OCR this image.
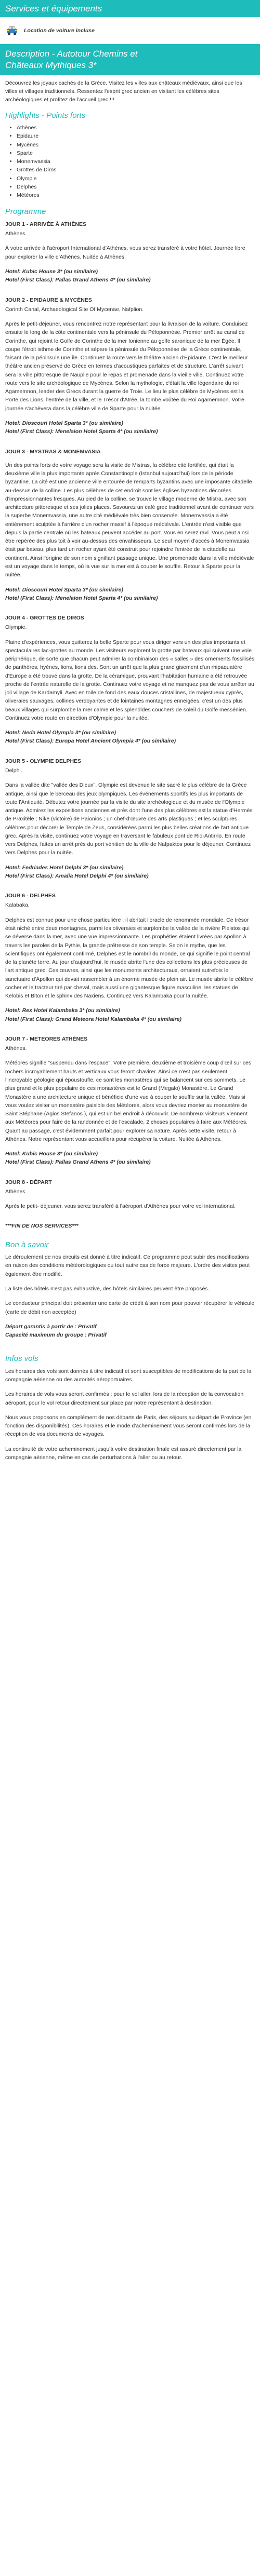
Services et équipements
Location de voiture incluse
Description - Autotour Chemins et
Châteaux Mythiques 3*

Découvrez les joyaux cachés de la Grèce. Visitez les villes aux châteaux médiévaux, ainsi que les villes et villages traditionnels. Ressentez l'esprit grec ancien en visitant les célèbres sites archéologiques et profitez de l'accueil grec !!!

Highlights - Points forts
• Athènes
• Epidaure
• Mycènes
• Sparte
• Monemvassia
• Grottes de Diros
• Olympie
• Delphes
• Météores
Programme
JOUR 1 - ARRIVÉE À ATHÈNES
Athènes.

À votre arrivée à l'aéroport International d'Athènes, vous serez transféré à votre hôtel. Journée libre pour explorer la ville d'Athènes. Nuitée à Athènes.

Hotel: Kubic House 3* (ou similaire)

Hotel (First Class): Pallas Grand Athens 4* (ou similaire)

JOUR 2 - EPIDAURE & MYCÈNES
Corinth Canal, Archaeological Site Of Mycenae, Nafplion.

Après le petit-déjeuner, vous rencontrez notre représentant pour la livraison de la voiture. Conduisez ensuite le long de la côte continentale vers la péninsule du Péloponnèse. Premier arrêt au canal de Corinthe, qui rejoint le Golfe de Corinthe de la mer Ionienne au golfe saronique de la mer Égée. Il coupe l'étroit isthme de Corinthe et sépare la péninsule du Péloponnèse de la Grèce continentale, faisant de la péninsule une île. Continuez la route vers le théâtre ancien d'Epidaure. C'est le meilleur théâtre ancien préservé de Grèce en termes d'acoustiques parfaites et de structure. L'arrêt suivant sera la ville pittoresque de Nauplie pour le repas et promenade dans la vieille ville. Continuez votre route vers le site archéologique de Mycènes. Selon la mythologie, c'était la ville légendaire du roi Agamemnon, leader des Grecs durant la guerre de Troie. Le lieu le plus célèbre de Mycènes est la Porte des Lions, l'entrée de la ville, et le Trésor d'Atrée, la tombe voûtée du Roi Agamemnon. Votre journée s'achèvera dans la célèbre ville de Sparte pour la nuitée.

Hotel: Dioscouri Hotel Sparta 3* (ou similaire)

Hotel (First Class): Menelaion Hotel Sparta 4* (ou similaire)

JOUR 3 - MYSTRAS & MONEMVASIA

Un des points forts de votre voyage sera la visite de Mistras, la célèbre cité fortifiée, qui était la deuxième ville la plus importante après Constantinople (Istanbul aujourd'hui) lors de la période byzantine. La cité est une ancienne ville entourée de remparts byzantins avec une imposante citadelle au-dessus de la colline. Les plus célèbres de cet endroit sont les églises byzantines décorées d'impressionnantes fresques. Au pied de la colline, se trouve le village moderne de Mistra, avec son architecture pittoresque et ses jolies places. Savourez un café grec traditionnel avant de continuer vers la superbe Monemvassia, une autre cité médiévale très bien conservée. Monemvassia a été entièrement sculptée à l'arrière d'un rocher massif à l'époque médiévale. L'entrée n'est visible que depuis la partie centrale où les bateaux peuvent accéder au port. Vous en serez ravi. Vous peut ainsi être repérée des plus toit à voir au-dessus des envahisseurs. Le seul moyen d'accès à Monemvassia était par bateau, plus tard un rocher ayant été construit pour rejoindre l'entrée de la citadelle au continent. Ainsi l'origine de son nom signifiant passage unique. Une promenade dans la ville médiévale est un voyage dans le temps, où la vue sur la mer est à couper le souffle. Retour à Sparte pour la nuitée.

Hotel: Dioscouri Hotel Sparta 3* (ou similaire)

Hotel (First Class): Menelaion Hotel Sparta 4* (ou similaire)

JOUR 4 - GROTTES DE DIROS
Olympie.

Plaine d'expériences, vous quitterez la belle Sparte pour vous diriger vers un des plus importants et spectaculaires lac-grottes au monde. Les visiteurs explorent la grotte par bateaux qui suivent une voie périphérique, de sorte que chacun peut admirer la combinaison des « salles » des ornements fossilisés de panthères, hyènes, lions, lions des. Sont un arrêt que la plus grand gisement d'un rhipaquatère d'Europe a été trouvé dans la grotte. De la céramique, prouvant l'habitation humaine a été retrouvée proche de l'entrée naturelle de la grotte. Continuez votre voyage et ne manquez pas de vous arrêter au joli village de Kardamyli. Avec en toile de fond des eaux douces cristallines, de majestueux cyprès, oliveraies sauvages, collines verdoyantes et de lointaines montagnes enneigées, c'est un des plus beaux villages qui surplombe la mer calme et les splendides couchers de soleil du Golfe messénien. Continuez votre route en direction d'Olympie pour la nuitée.

Hotel: Neda Hotel Olympia 3* (ou similaire)

Hotel (First Class): Europa Hotel Ancient Olympia 4* (ou similaire)

JOUR 5 - OLYMPIE DELPHES
Delphi.

Dans la vallée dite "vallée des Dieux", Olympie est devenue le site sacré le plus célèbre de la Grèce antique, ainsi que le berceau des jeux olympiques. Les événements sportifs les plus importants de toute l'Antiquité. Débutez votre journée par la visite du site archéologique et du musée de l'Olympie antique. Admirez les expositions anciennes et près dont l'une des plus célèbres est la statue d'Hermès de Praxitèle ; Nike (victoire) de Paionios ; un chef-d'œuvre des arts plastiques ; et les sculptures célèbres pour décorer le Temple de Zeus, considérées parmi les plus belles créations de l'art antique grec. Après la visite, continuez votre voyage en traversant le fabuleux pont de Rio-Antirrio. En route vers Delphes, faites un arrêt près du port vénitien de la ville de Nafpaktos pour le déjeuner. Continuez vers Delphes pour la nuitée.

Hotel: Fedriades Hotel Delphi 3* (ou similaire)

Hotel (First Class): Amalia Hotel Delphi 4* (ou similaire)

JOUR 6 - DELPHES
Kalabaka.

Delphes est connue pour une chose particulière : il abritait l'oracle de renommée mondiale. Ce trésor était niché entre deux montagnes, parmi les oliveraies et surplombe la vallée de la rivière Pleistos qui se déverse dans la mer, avec une vue impressionnante. Les prophéties étaient livrées par Apollon à travers les paroles de la Pythie, la grande prêtresse de son temple. Selon le mythe, que les scientifiques ont également confirmé, Delphes est le nombril du monde, ce qui signifie le point central de la planète terre. Au jour d'aujourd'hui, le musée abrite l'une des collections les plus précieuses de l'art antique grec. Ces œuvres, ainsi que les monuments architecturaux, ornaient autrefois le sanctuaire d'Apollon qui devait rassembler à un énorme musée de plein air. Le musée abrite le célèbre cocher et le tracteur tiré par cheval, mais aussi une gigantesque figure masculine, les statues de Kelobis et Biton et le sphinx des Naxiens. Continuez vers Kalambaka pour la nuitée.

Hotel: Rex Hotel Kalambaka 3* (ou similaire)

Hotel (First Class): Grand Meteora Hotel Kalambaka 4* (ou similaire)

JOUR 7 - METEORES ATHÈNES
Athènes.

Météores signifie "suspendu dans l'espace". Votre première, deuxième et troisième coup d'œil sur ces rochers incroyablement hauts et verticaux vous feront chavirer. Ainsi ce n'est pas seulement l'incroyable géologie qui époustoufle, ce sont les monastères qui se balancent sur ces sommets. Le plus grand et le plus populaire de ces monastères est le Grand (Megalo) Monastère. Le Grand Monastère a une architecture unique et bénéficie d'une vue à couper le souffle sur la vallée. Mais si vous voulez visiter un monastère paisible des Météores, alors vous devriez monter au monastère de Saint Stéphane (Agios Stefanos ), qui est un bel endroit à découvrir. De nombreux visiteurs viennent aux Météores pour faire de la randonnée et de l'escalade, 2 choses populaires à faire aux Météores. Quant au passage, c'est évidemment parfait pour explorer sa nature. Après cette visite, retour à Athènes. Notre représentant vous accueillera pour récupérer la voiture. Nuitée à Athènes.

Hotel: Kubic House 3* (ou similaire)

Hotel (First Class): Pallas Grand Athens 4* (ou similaire)

JOUR 8 - DÉPART
Athènes.

Après le petit- déjeuner, vous serez transféré à l'aéroport d'Athènes pour votre vol international.

***FIN DE NOS SERVICES***

Bon à savoir

Le déroulement de nos circuits est donné à titre indicatif. Ce programme peut subir des modifications en raison des conditions météorologiques ou tout autre cas de force majeure. L'ordre des visites peut également être modifié.

La liste des hôtels n'est pas exhaustive, des hôtels similaires peuvent être proposés.

Le conducteur principal doit présenter une carte de crédit à son nom pour pouvoir récupérer le véhicule (carte de débit non acceptée)

Départ garantis à partir de : Privatif

Capacité maximum du groupe : Privatif

Infos vols

Les horaires des vols sont donnés à titre indicatif et sont susceptibles de modifications de la part de la compagnie aérienne ou des autorités aéroportuaires.

Les horaires de vols vous seront confirmés : pour le vol aller, lors de la réception de la convocation aéroport, pour le vol retour directement sur place par notre représentant à destination.

Nous vous proposons en complément de nos départs de Paris, des séjours au départ de Province (en fonction des disponibilités). Ces horaires et le mode d'acheminement vous seront confirmés lors de la réception de vos documents de voyages.

La continuité de votre acheminement jusqu'à votre destination finale est assuré directement par la compagnie aérienne, même en cas de perturbations à l'aller ou au retour.
